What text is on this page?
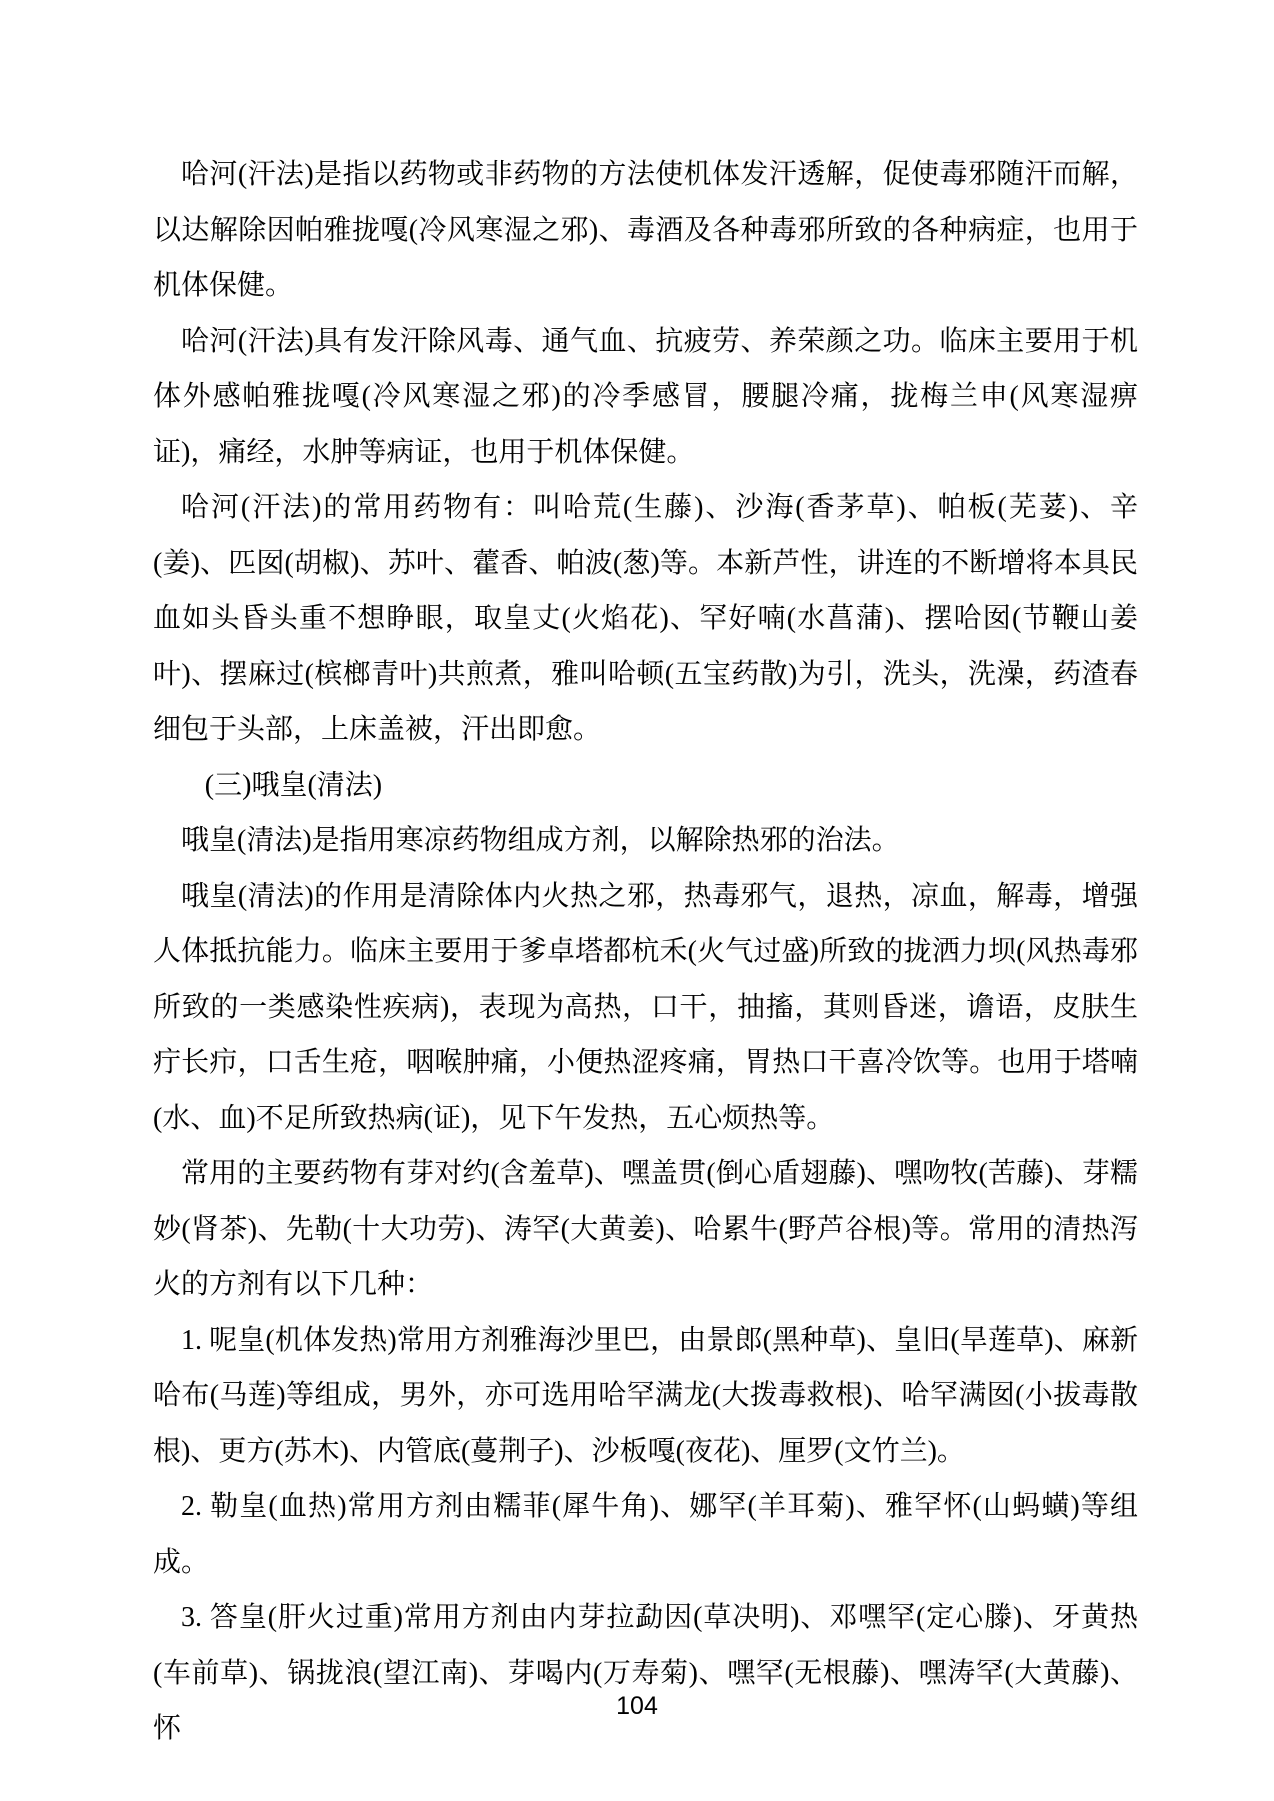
哈河(汗法)是指以药物或非药物的方法使机体发汗透解，促使毒邪随汗而解，以达解除因帕雅拢嘎(冷风寒湿之邪)、毒酒及各种毒邪所致的各种病症，也用于机体保健。

哈河(汗法)具有发汗除风毒、通气血、抗疲劳、养荣颜之功。临床主要用于机体外感帕雅拢嘎(冷风寒湿之邪)的冷季感冒，腰腿冷痛，拢梅兰申(风寒湿痹证)，痛经，水肿等病证，也用于机体保健。

哈河(汗法)的常用药物有：叫哈荒(生藤)、沙海(香茅草)、帕板(芜荽)、辛(姜)、匹囡(胡椒)、苏叶、藿香、帕波(葱)等。本新芦性，讲连的不断增将本具民血如头昏头重不想睁眼，取皇丈(火焰花)、罕好喃(水菖蒲)、摆哈囡(节鞭山姜叶)、摆麻过(槟榔青叶)共煎煮，雅叫哈顿(五宝药散)为引，洗头，洗澡，药渣春细包于头部，上床盖被，汗出即愈。

(三)哦皇(清法)

哦皇(清法)是指用寒凉药物组成方剂，以解除热邪的治法。

哦皇(清法)的作用是清除体内火热之邪，热毒邪气，退热，凉血，解毒，增强人体抵抗能力。临床主要用于爹卓塔都杭禾(火气过盛)所致的拢洒力坝(风热毒邪所致的一类感染性疾病)，表现为高热，口干，抽搐，萁则昏迷，谵语，皮肤生疔长疖，口舌生疮，咽喉肿痛，小便热涩疼痛，胃热口干喜冷饮等。也用于塔喃(水、血)不足所致热病(证)，见下午发热，五心烦热等。

常用的主要药物有芽对约(含羞草)、嘿盖贯(倒心盾翅藤)、嘿吻牧(苦藤)、芽糯妙(肾茶)、先勒(十大功劳)、涛罕(大黄姜)、哈累牛(野芦谷根)等。常用的清热泻火的方剂有以下几种：

1. 呢皇(机体发热)常用方剂雅海沙里巴，由景郎(黑种草)、皇旧(旱莲草)、麻新哈布(马莲)等组成，男外，亦可选用哈罕满龙(大拨毒救根)、哈罕满囡(小拔毒散根)、更方(苏木)、内管底(蔓荆子)、沙板嘎(夜花)、厘罗(文竹兰)。

2. 勒皇(血热)常用方剂由糯菲(犀牛角)、娜罕(羊耳菊)、雅罕怀(山蚂蟥)等组成。

3. 答皇(肝火过重)常用方剂由内芽拉勐因(草决明)、邓嘿罕(定心滕)、牙黄热(车前草)、锅拢浪(望江南)、芽喝内(万寿菊)、嘿罕(无根藤)、嘿涛罕(大黄藤)、怀

104
